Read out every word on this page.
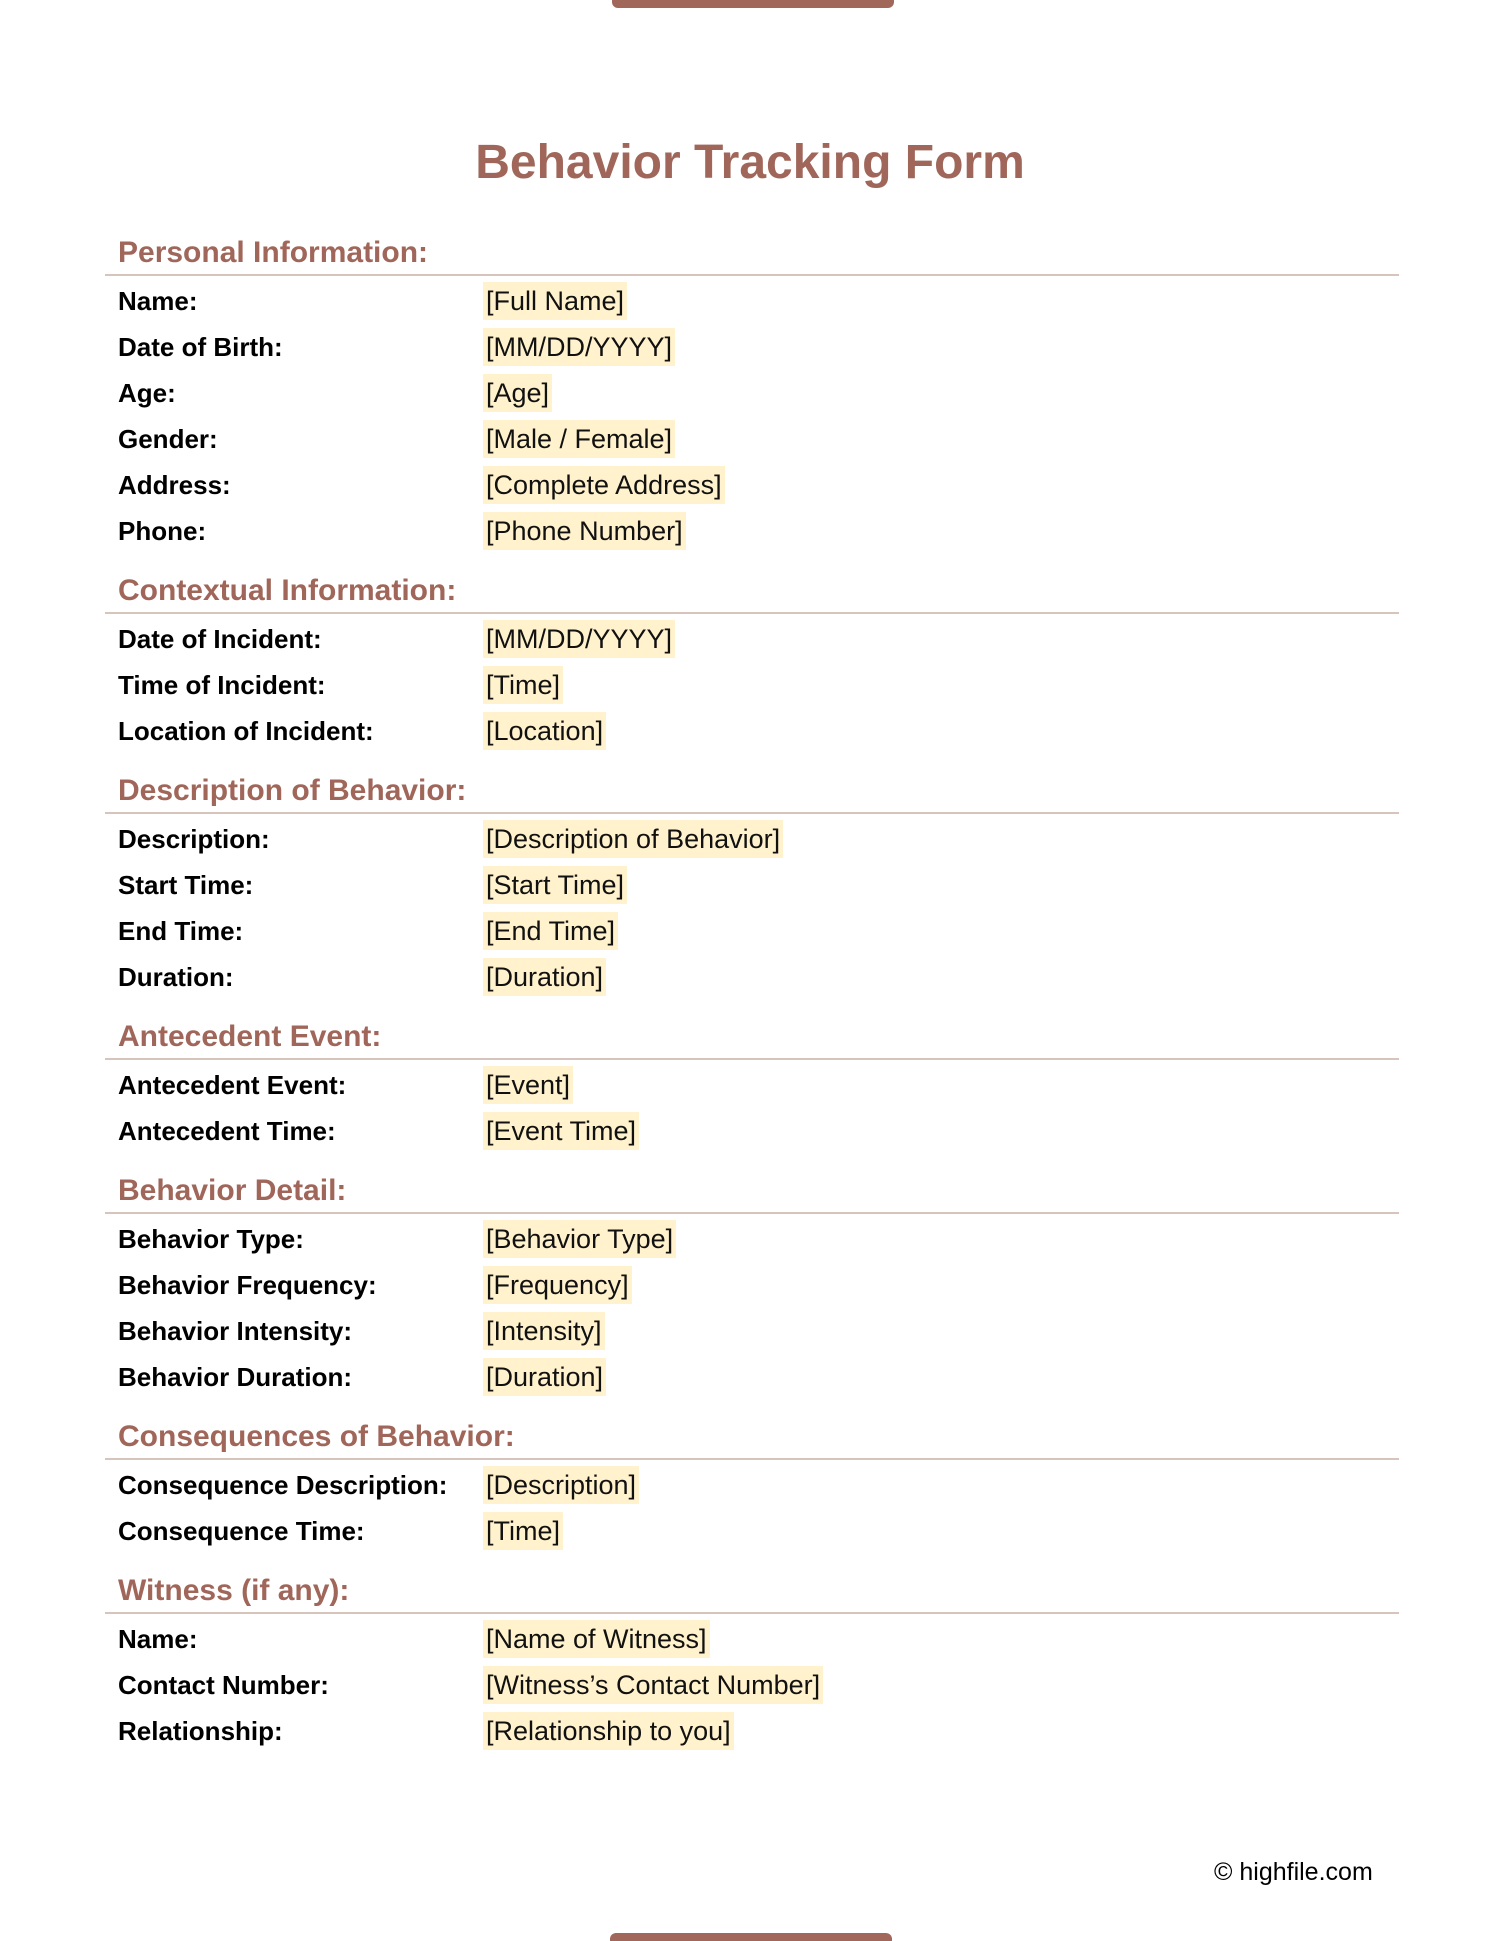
Behavior Tracking Form
Personal Information:
Name:	[Full Name]
Date of Birth:	[MM/DD/YYYY]
Age:	[Age]
Gender:	[Male / Female]
Address:	[Complete Address]
Phone:	[Phone Number]
Contextual Information:
Date of Incident:	[MM/DD/YYYY]
Time of Incident:	[Time]
Location of Incident:	[Location]
Description of Behavior:
Description:	[Description of Behavior]
Start Time:	[Start Time]
End Time:	[End Time]
Duration:	[Duration]
Antecedent Event:
Antecedent Event:	[Event]
Antecedent Time:	[Event Time]
Behavior Detail:
Behavior Type:	[Behavior Type]
Behavior Frequency:	[Frequency]
Behavior Intensity:	[Intensity]
Behavior Duration:	[Duration]
Consequences of Behavior:
Consequence Description:	[Description]
Consequence Time:	[Time]
Witness (if any):
Name:	[Name of Witness]
Contact Number:	[Witness’s Contact Number]
Relationship:	[Relationship to you]
© highfile.com
